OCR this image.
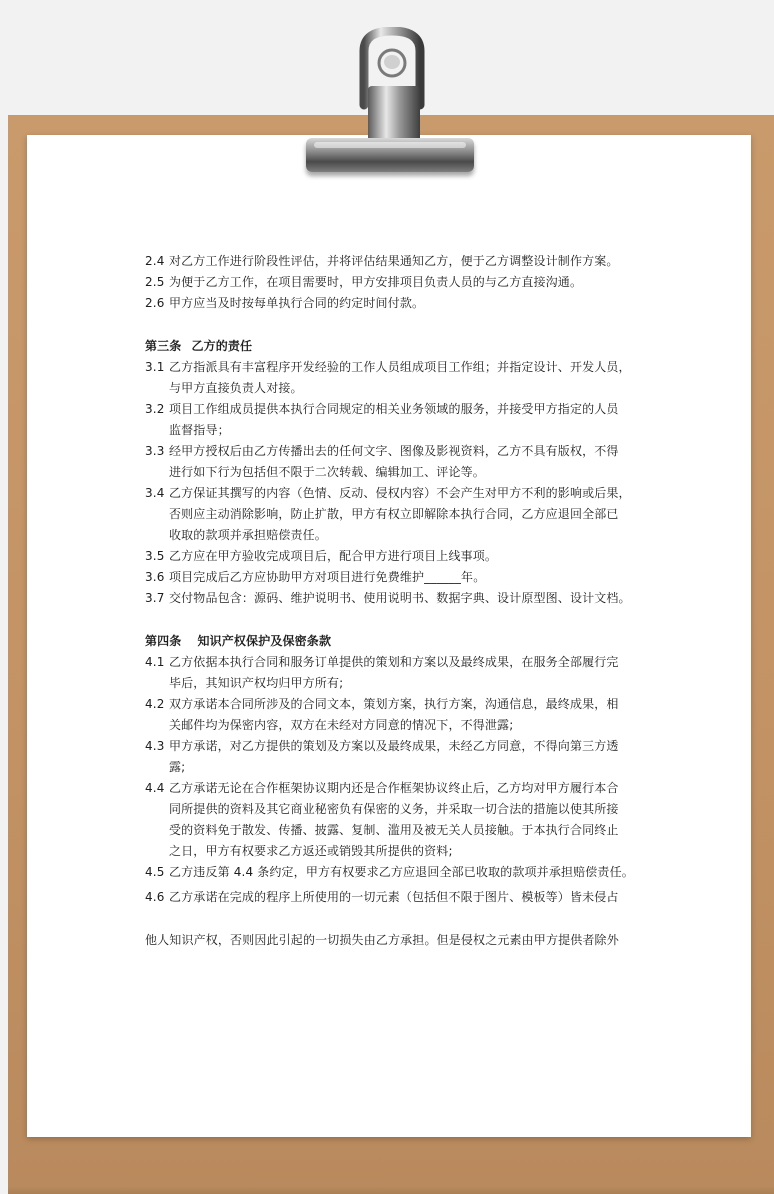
2.4 对乙方工作进行阶段性评估，并将评估结果通知乙方，便于乙方调整设计制作方案。
2.5 为便于乙方工作，在项目需要时，甲方安排项目负责人员的与乙方直接沟通。
2.6 甲方应当及时按每单执行合同的约定时间付款。
第三条 乙方的责任
3.1 乙方指派具有丰富程序开发经验的工作人员组成项目工作组；并指定设计、开发人员，
与甲方直接负责人对接。
3.2 项目工作组成员提供本执行合同规定的相关业务领域的服务，并接受甲方指定的人员
监督指导；
3.3 经甲方授权后由乙方传播出去的任何文字、图像及影视资料，乙方不具有版权，不得
进行如下行为包括但不限于二次转载、编辑加工、评论等。
3.4 乙方保证其撰写的内容（色情、反动、侵权内容）不会产生对甲方不利的影响或后果，
否则应主动消除影响，防止扩散，甲方有权立即解除本执行合同，乙方应退回全部已
收取的款项并承担赔偿责任。
3.5 乙方应在甲方验收完成项目后，配合甲方进行项目上线事项。
3.6 项目完成后乙方应协助甲方对项目进行免费维护______年。
3.7 交付物品包含：源码、维护说明书、使用说明书、数据字典、设计原型图、设计文档。
第四条 知识产权保护及保密条款
4.1 乙方依据本执行合同和服务订单提供的策划和方案以及最终成果，在服务全部履行完
毕后，其知识产权均归甲方所有;
4.2 双方承诺本合同所涉及的合同文本，策划方案，执行方案，沟通信息，最终成果，相
关邮件均为保密内容，双方在未经对方同意的情况下，不得泄露;
4.3 甲方承诺，对乙方提供的策划及方案以及最终成果，未经乙方同意，不得向第三方透
露;
4.4 乙方承诺无论在合作框架协议期内还是合作框架协议终止后，乙方均对甲方履行本合
同所提供的资料及其它商业秘密负有保密的义务，并采取一切合法的措施以使其所接
受的资料免于散发、传播、披露、复制、滥用及被无关人员接触。于本执行合同终止
之日，甲方有权要求乙方返还或销毁其所提供的资料;
4.5 乙方违反第 4.4 条约定，甲方有权要求乙方应退回全部已收取的款项并承担赔偿责任。
4.6 乙方承诺在完成的程序上所使用的一切元素（包括但不限于图片、模板等）皆未侵占
他人知识产权，否则因此引起的一切损失由乙方承担。但是侵权之元素由甲方提供者除外
